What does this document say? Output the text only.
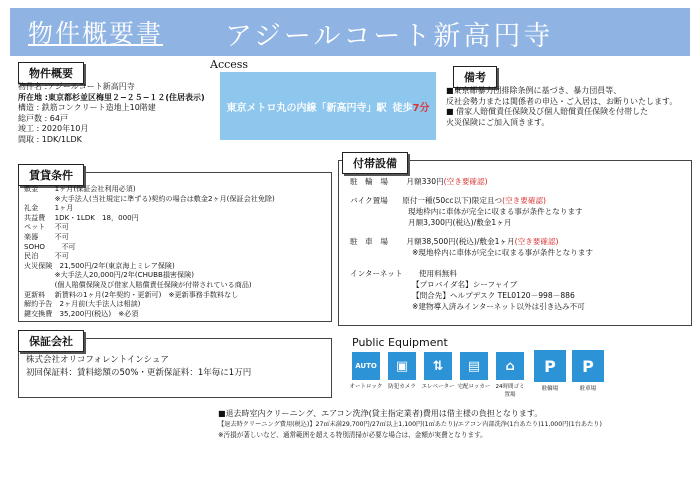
物件概要書 アジールコート新高円寺
物件概要
物件名 :アジールコート新高円寺
所在地 :東京都杉並区梅里２−２５−１２(住居表示)
構造 : 鉄筋コンクリート造地上10階建
総戸数 : 64戸
竣工 : 2020年10月
間取 : 1DK/1LDK
Access
東京メトロ丸の内線「新高円寺」駅 徒歩7分
備考
■東京都暴力団排除条例に基づき、暴力団員等、
反社会勢力または関係者の申込・ご入居は、お断りいたします。
■ 借家人賠償責任保険及び個人賠償責任保険を付帯した
火災保険にご加入頂きます。
賃貸条件
敷金　　 1ヶ月(保証会社利用必須)
　　　　 ※大手法人(当社規定に準ずる)契約の場合は敷金2ヶ月(保証会社免除)
礼金　　 1ヶ月
共益費　 1DK・1LDK　18，000円
ペット　 不可
楽器　　 不可
SOHO　　 不可
民泊　　 不可
火災保険　21,500円/2年(東京海上ミレア保険)
　　　　 ※大手法人20,000円/2年(CHUBB損害保険)
　　　　 (個人賠償保険及び借家人賠償責任保険が付帯されている商品)
更新料　 新賃料の1ヶ月(2年契約・更新可)　※更新事務手数料なし
解約予告　2ヶ月前(大手法人は相談)
鍵交換費　35,200円(税込)　※必須
保証会社
株式会社オリコフォレントインシュア
初回保証料：賃料総額の50%・更新保証料：1年毎に1万円
付帯設備
駐　輪　場 月額330円(空き要確認)
バイク置場 原付一種(50cc以下)限定且つ(空き要確認)
現地枠内に車体が完全に収まる事が条件となります
月額3,300円(税込)/敷金1ヶ月
駐　車　場 月額38,500円(税込)/敷金1ヶ月(空き要確認)
※現地枠内に車体が完全に収まる事が条件となります
インターネット 使用料無料
【プロバイダ名】シーフャイブ
【問合先】ヘルプデスク TEL0120－998－886
※建物導入済みインターネット以外は引き込み不可
Public Equipment
AUTO
オートロック
▣
防犯カメラ
⇅
エレベーター
▤
宅配ロッカー
⌂
24時間ゴミ置場
P
駐輪場
P
駐車場
■退去時室内クリーニング、エアコン洗浄(貸主指定業者)費用は借主様の負担となります。
【退去時クリーニング費用(税込)】27㎡未満29,700円/27㎡以上1,100円(1㎡あたり)/エアコン内部洗浄(1台あたり)11,000円(1台あたり)
※汚損が著しいなど、通常範囲を超える特別清掃が必要な場合は、金額が実費となります。
